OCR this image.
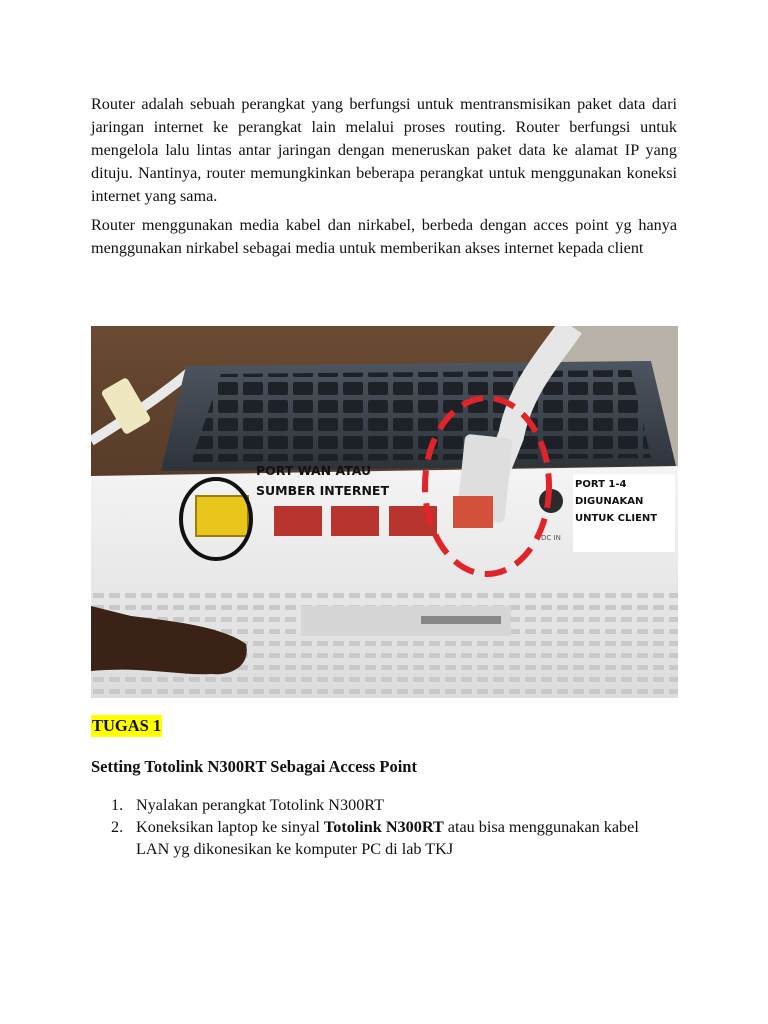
Router adalah sebuah perangkat yang berfungsi untuk mentransmisikan paket data dari jaringan internet ke perangkat lain melalui proses routing. Router berfungsi untuk mengelola lalu lintas antar jaringan dengan meneruskan paket data ke alamat IP yang dituju. Nantinya, router memungkinkan beberapa perangkat untuk menggunakan koneksi internet yang sama.

Router menggunakan media kabel dan nirkabel, berbeda dengan acces point yg hanya menggunakan nirkabel sebagai media untuk memberikan akses internet kepada client

DC IN
PORT WAN ATAU
SUMBER INTERNET	PORT 1-4
DIGUNAKAN
UNTUK CLIENT
TUGAS 1
Setting Totolink N300RT Sebagai Access Point
1. Nyalakan perangkat Totolink N300RT
2. Koneksikan laptop ke sinyal Totolink N300RT atau bisa menggunakan kabel LAN yg dikonesikan ke komputer PC di lab TKJ
